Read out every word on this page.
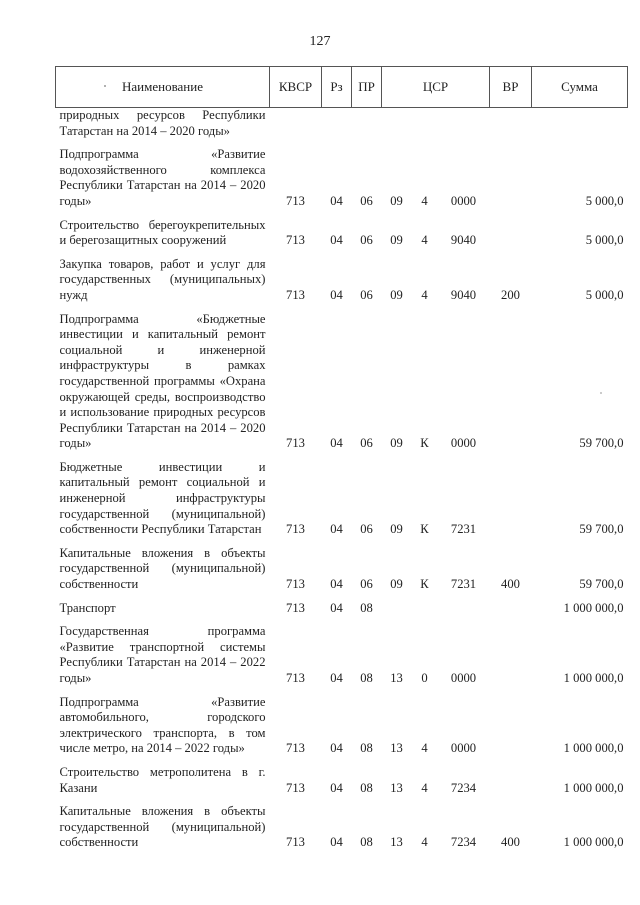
127
Наименование	КВСР	Рз	ПР	ЦСР			ВР	Сумма
природных ресурсов Республики Татарстан на 2014 – 2020 годы»								
Подпрограмма «Развитие водохозяйственного комплекса Республики Татарстан на 2014 – 2020 годы»	713	04	06	09	4	0000		5 000,0
Строительство берегоукрепительных и берегозащитных сооружений	713	04	06	09	4	9040		5 000,0
Закупка товаров, работ и услуг для государственных (муниципальных) нужд	713	04	06	09	4	9040	200	5 000,0
Подпрограмма «Бюджетные инвестиции и капитальный ремонт социальной и инженерной инфраструктуры в рамках государственной программы «Охрана окружающей среды, воспроизводство и использование природных ресурсов Республики Татарстан на 2014 – 2020 годы»	713	04	06	09	К	0000		59 700,0
Бюджетные инвестиции и капитальный ремонт социальной и инженерной инфраструктуры государственной (муниципальной) собственности Республики Татарстан	713	04	06	09	К	7231		59 700,0
Капитальные вложения в объекты государственной (муниципальной) собственности	713	04	06	09	К	7231	400	59 700,0
Транспорт	713	04	08					1 000 000,0
Государственная программа «Развитие транспортной системы Республики Татарстан на 2014 – 2022 годы»	713	04	08	13	0	0000		1 000 000,0
Подпрограмма «Развитие автомобильного, городского электрического транспорта, в том числе метро, на 2014 – 2022 годы»	713	04	08	13	4	0000		1 000 000,0
Строительство метрополитена в г. Казани	713	04	08	13	4	7234		1 000 000,0
Капитальные вложения в объекты государственной (муниципальной) собственности	713	04	08	13	4	7234	400	1 000 000,0
